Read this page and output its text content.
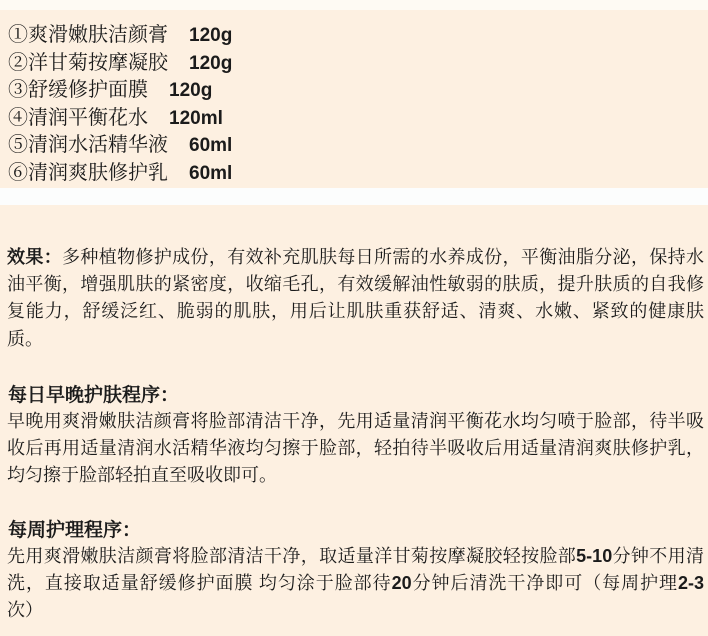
①爽滑嫩肤洁颜膏 120g
②洋甘菊按摩凝胶 120g
③舒缓修护面膜 120g
④清润平衡花水 120ml
⑤清润水活精华液 60ml
⑥清润爽肤修护乳 60ml

效果：多种植物修护成份，有效补充肌肤每日所需的水养成份，平衡油脂分泌，保持水油平衡，增强肌肤的紧密度，收缩毛孔，有效缓解油性敏弱的肤质，提升肤质的自我修复能力，舒缓泛红、脆弱的肌肤，用后让肌肤重获舒适、清爽、水嫩、紧致的健康肤质。

每日早晚护肤程序：

早晚用爽滑嫩肤洁颜膏将脸部清洁干净，先用适量清润平衡花水均匀喷于脸部，待半吸收后再用适量清润水活精华液均匀擦于脸部，轻拍待半吸收后用适量清润爽肤修护乳，均匀擦于脸部轻拍直至吸收即可。

每周护理程序：

先用爽滑嫩肤洁颜膏将脸部清洁干净，取适量洋甘菊按摩凝胶轻按脸部5-10分钟不用清洗，直接取适量舒缓修护面膜 均匀涂于脸部待20分钟后清洗干净即可（每周护理2-3次）
